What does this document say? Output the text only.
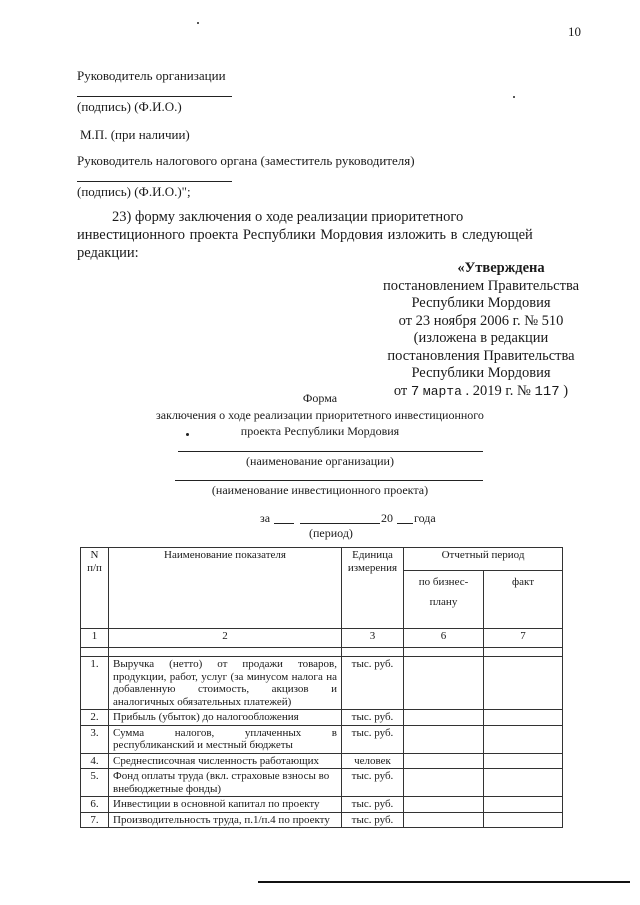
10
Руководитель организации
(подпись) (Ф.И.О.)
М.П. (при наличии)
Руководитель налогового органа (заместитель руководителя)
(подпись) (Ф.И.О.)";
23) форму заключения о ходе реализации приоритетного
инвестиционного проекта Республики Мордовия изложить в следующей
редакции:
«Утверждена
постановлением Правительства
Республики Мордовия
от 23 ноября 2006 г. № 510
(изложена в редакции
постановления Правительства
Республики Мордовия
от 7 марта . 2019 г. № 117 )
Форма
заключения о ходе реализации приоритетного инвестиционного
проекта Республики Мордовия
(наименование организации)
(наименование инвестиционного проекта)
за	20 года
(период)
N п/п	Наименование показателя	Единица измерения	Отчетный период	
			по бизнес-плану	факт
1	2	3	6	7

1.	Выручка (нетто) от продажи товаров, продукции, работ, услуг (за минусом налога на добавленную стоимость, акцизов и аналогичных обязательных платежей)	тыс. руб.		
2.	Прибыль (убыток) до налогообложения	тыс. руб.		
3.	Сумма налогов, уплаченных в республиканский и местный бюджеты	тыс. руб.		
4.	Среднесписочная численность работающих	человек		
5.	Фонд оплаты труда (вкл. страховые взносы во внебюджетные фонды)	тыс. руб.		
6.	Инвестиции в основной капитал по проекту	тыс. руб.		
7.	Производительность труда, п.1/п.4 по проекту	тыс. руб.		
